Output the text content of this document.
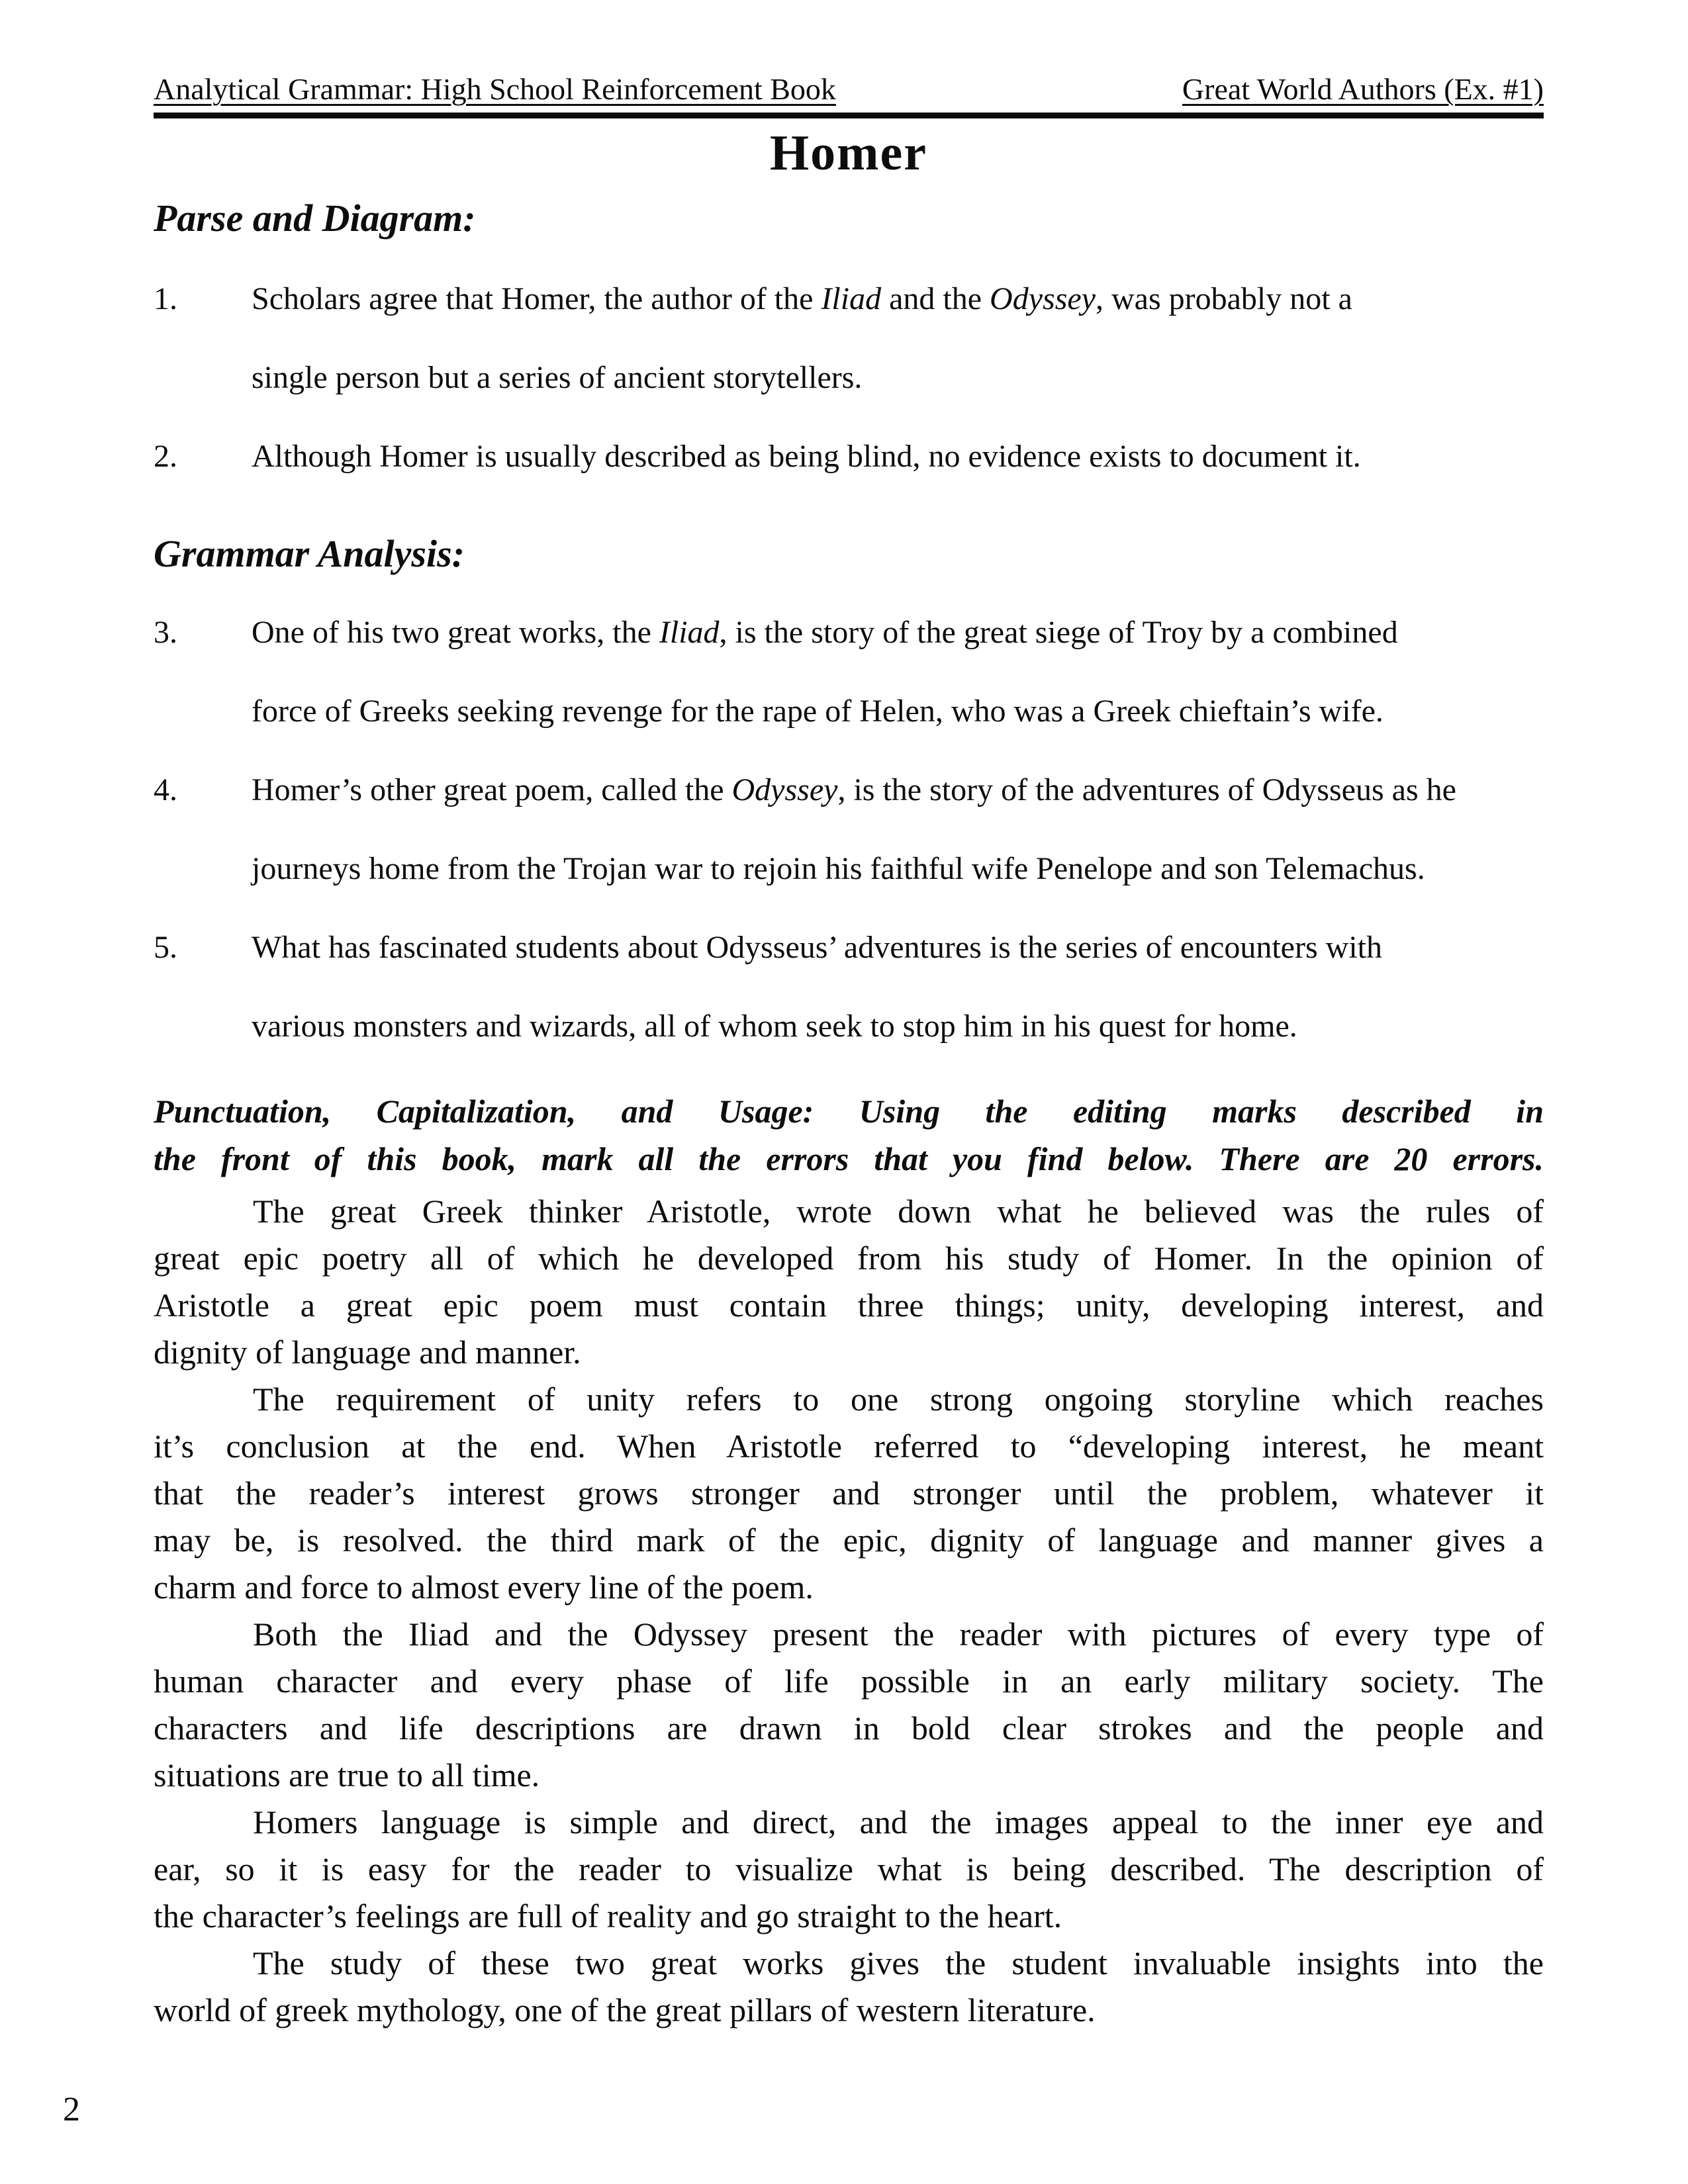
Analytical Grammar: High School Reinforcement Book	Great World Authors (Ex. #1)
Homer
Parse and Diagram:
1. Scholars agree that Homer, the author of the Iliad and the Odyssey, was probably not a
single person but a series of ancient storytellers.
2. Although Homer is usually described as being blind, no evidence exists to document it.
Grammar Analysis:
3. One of his two great works, the Iliad, is the story of the great siege of Troy by a combined
force of Greeks seeking revenge for the rape of Helen, who was a Greek chieftain’s wife.
4. Homer’s other great poem, called the Odyssey, is the story of the adventures of Odysseus as he
journeys home from the Trojan war to rejoin his faithful wife Penelope and son Telemachus.
5. What has fascinated students about Odysseus’ adventures is the series of encounters with
various monsters and wizards, all of whom seek to stop him in his quest for home.
Punctuation, Capitalization, and Usage: Using the editing marks described in
the front of this book, mark all the errors that you find below. There are 20 errors.
The great Greek thinker Aristotle, wrote down what he believed was the rules of
great epic poetry all of which he developed from his study of Homer. In the opinion of
Aristotle a great epic poem must contain three things; unity, developing interest, and
dignity of language and manner.
The requirement of unity refers to one strong ongoing storyline which reaches
it’s conclusion at the end. When Aristotle referred to “developing interest, he meant
that the reader’s interest grows stronger and stronger until the problem, whatever it
may be, is resolved. the third mark of the epic, dignity of language and manner gives a
charm and force to almost every line of the poem.
Both the Iliad and the Odyssey present the reader with pictures of every type of
human character and every phase of life possible in an early military society. The
characters and life descriptions are drawn in bold clear strokes and the people and
situations are true to all time.
Homers language is simple and direct, and the images appeal to the inner eye and
ear, so it is easy for the reader to visualize what is being described. The description of
the character’s feelings are full of reality and go straight to the heart.
The study of these two great works gives the student invaluable insights into the
world of greek mythology, one of the great pillars of western literature.
2
